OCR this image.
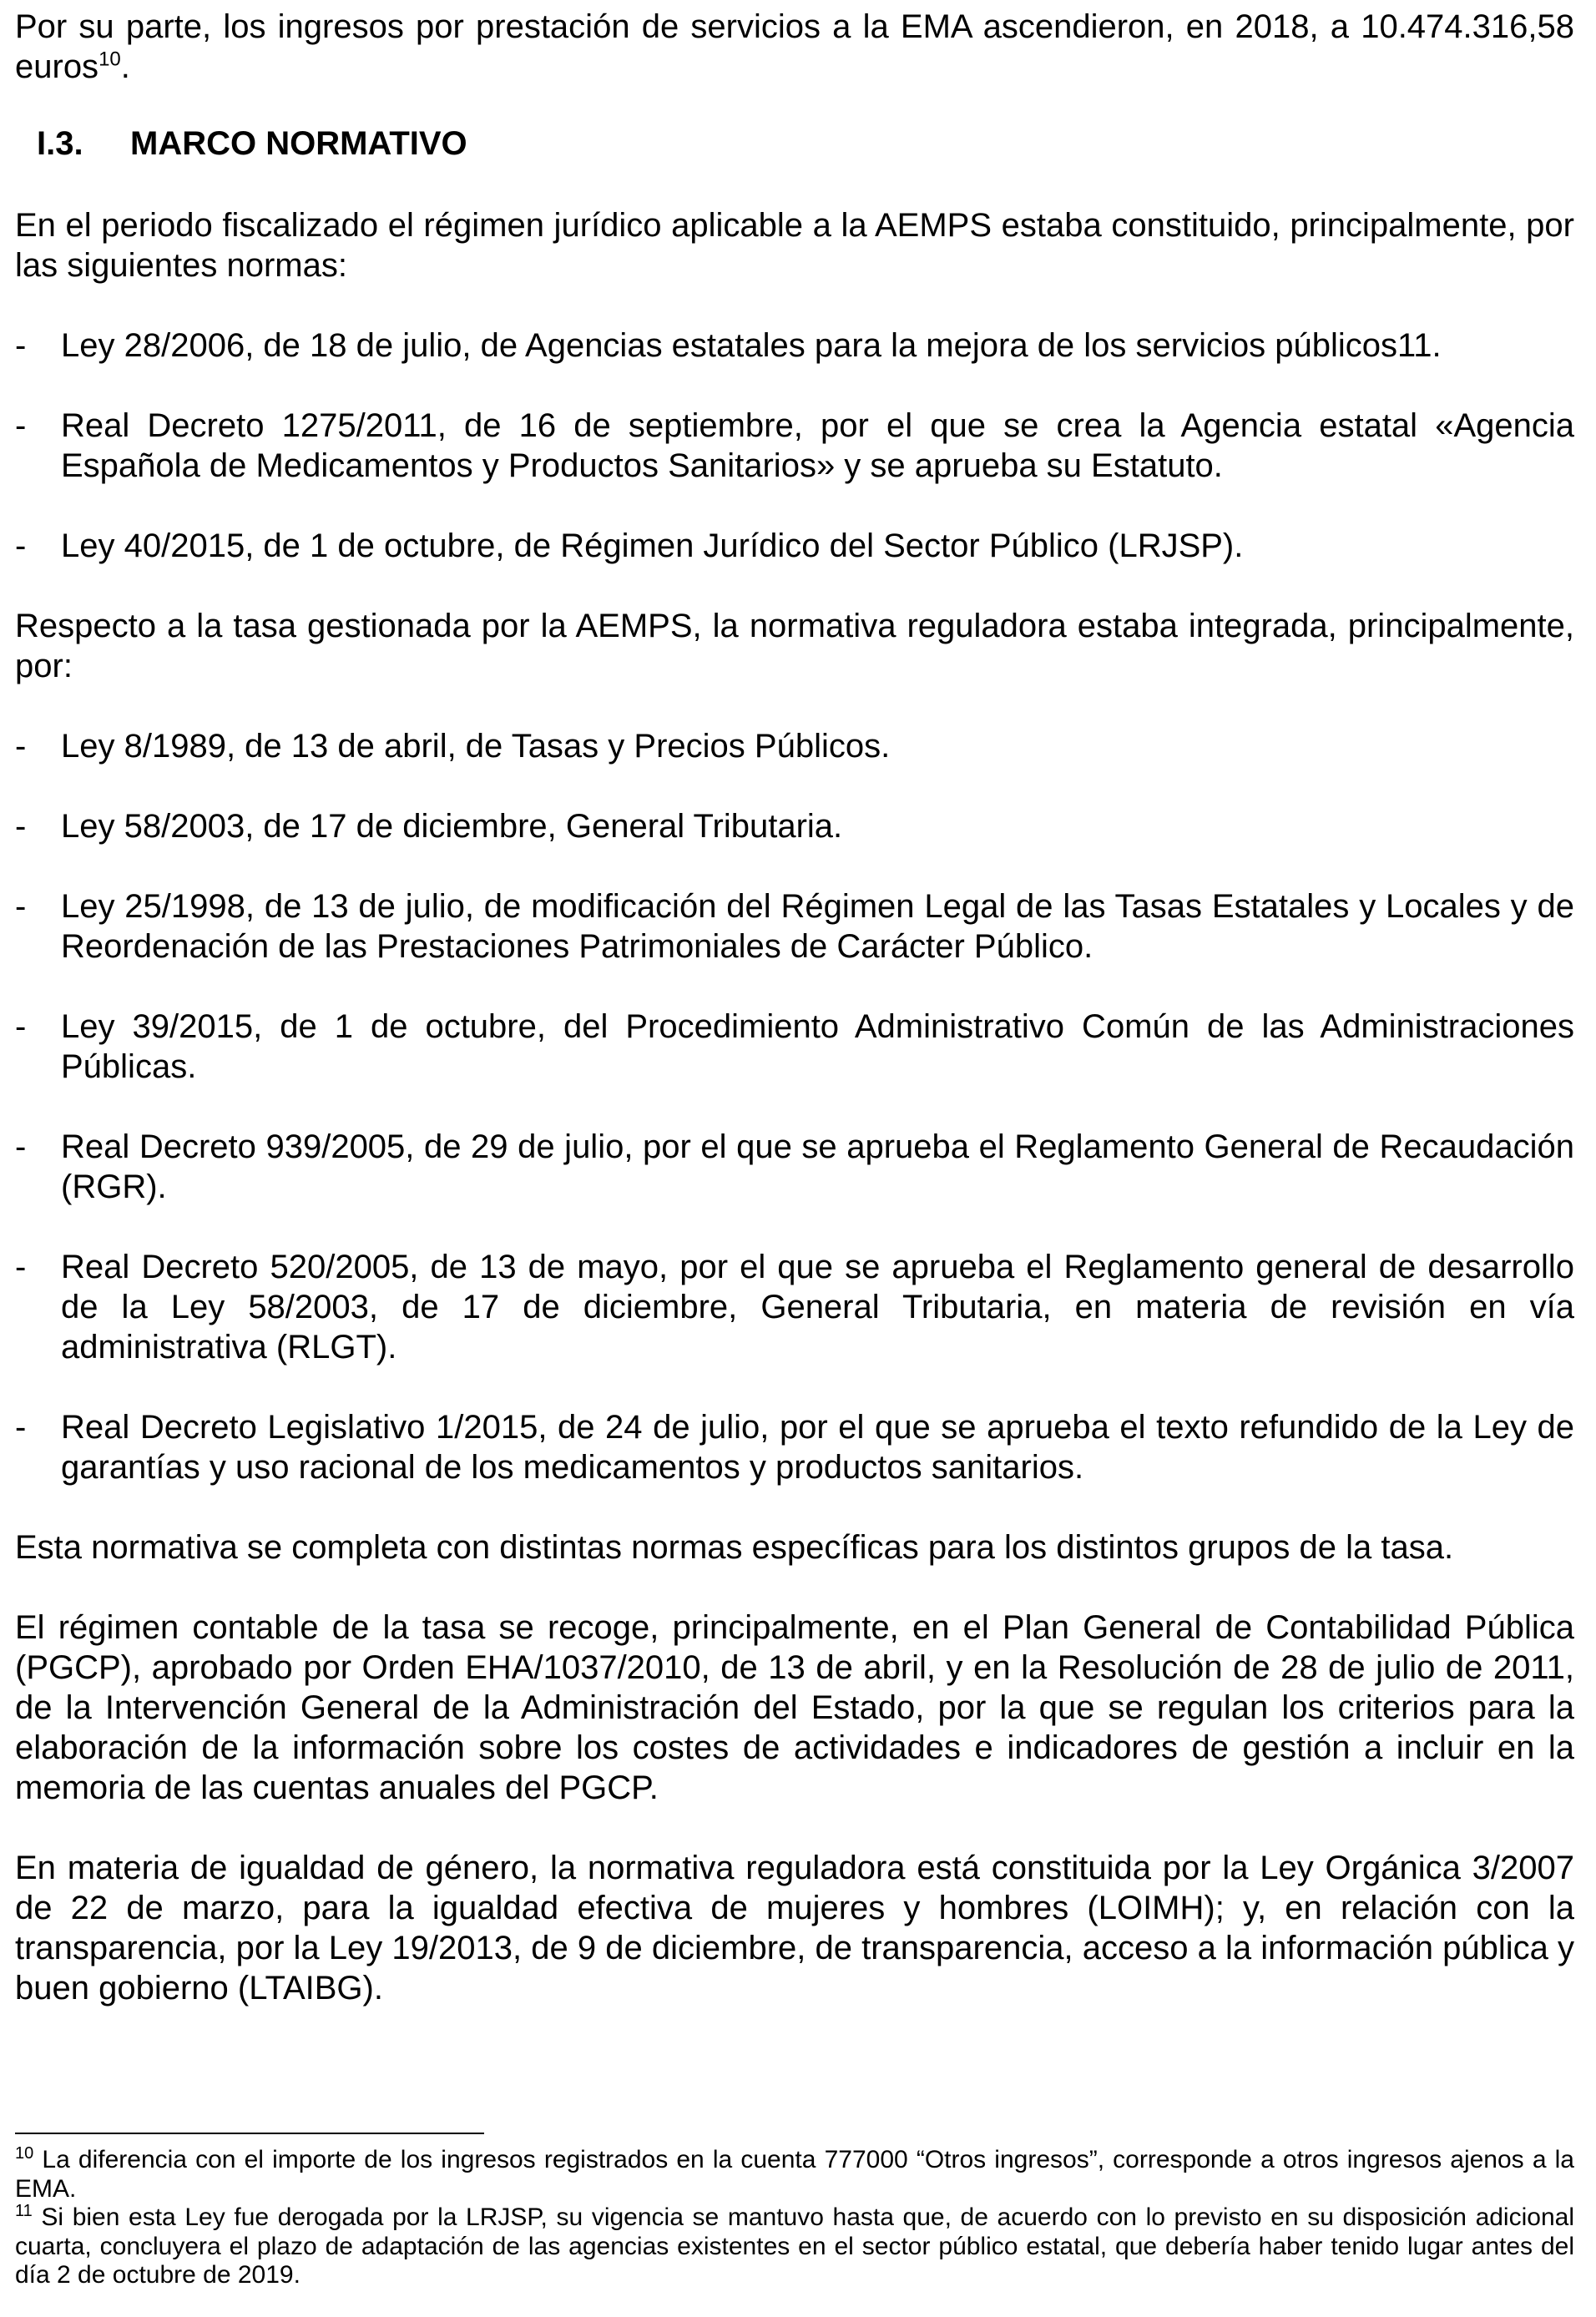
Por su parte, los ingresos por prestación de servicios a la EMA ascendieron, en 2018, a 10.474.316,58 euros$^{10}$.

I.3. MARCO NORMATIVO

En el periodo fiscalizado el régimen jurídico aplicable a la AEMPS estaba constituido, principalmente, por las siguientes normas:

- Ley 28/2006, de 18 de julio, de Agencias estatales para la mejora de los servicios públicos11.
- Real Decreto 1275/2011, de 16 de septiembre, por el que se crea la Agencia estatal «Agencia Española de Medicamentos y Productos Sanitarios» y se aprueba su Estatuto.
- Ley 40/2015, de 1 de octubre, de Régimen Jurídico del Sector Público (LRJSP).

Respecto a la tasa gestionada por la AEMPS, la normativa reguladora estaba integrada, principalmente, por:

- Ley 8/1989, de 13 de abril, de Tasas y Precios Públicos.
- Ley 58/2003, de 17 de diciembre, General Tributaria.
- Ley 25/1998, de 13 de julio, de modificación del Régimen Legal de las Tasas Estatales y Locales y de Reordenación de las Prestaciones Patrimoniales de Carácter Público.
- Ley 39/2015, de 1 de octubre, del Procedimiento Administrativo Común de las Administraciones Públicas.
- Real Decreto 939/2005, de 29 de julio, por el que se aprueba el Reglamento General de Recaudación (RGR).
- Real Decreto 520/2005, de 13 de mayo, por el que se aprueba el Reglamento general de desarrollo de la Ley 58/2003, de 17 de diciembre, General Tributaria, en materia de revisión en vía administrativa (RLGT).
- Real Decreto Legislativo 1/2015, de 24 de julio, por el que se aprueba el texto refundido de la Ley de garantías y uso racional de los medicamentos y productos sanitarios.

Esta normativa se completa con distintas normas específicas para los distintos grupos de la tasa.

El régimen contable de la tasa se recoge, principalmente, en el Plan General de Contabilidad Pública (PGCP), aprobado por Orden EHA/1037/2010, de 13 de abril, y en la Resolución de 28 de julio de 2011, de la Intervención General de la Administración del Estado, por la que se regulan los criterios para la elaboración de la información sobre los costes de actividades e indicadores de gestión a incluir en la memoria de las cuentas anuales del PGCP.

En materia de igualdad de género, la normativa reguladora está constituida por la Ley Orgánica 3/2007 de 22 de marzo, para la igualdad efectiva de mujeres y hombres (LOIMH); y, en relación con la transparencia, por la Ley 19/2013, de 9 de diciembre, de transparencia, acceso a la información pública y buen gobierno (LTAIBG).

$^{10}$ La diferencia con el importe de los ingresos registrados en la cuenta 777000 “Otros ingresos”, corresponde a otros ingresos ajenos a la EMA.

$^{11}$ Si bien esta Ley fue derogada por la LRJSP, su vigencia se mantuvo hasta que, de acuerdo con lo previsto en su disposición adicional cuarta, concluyera el plazo de adaptación de las agencias existentes en el sector público estatal, que debería haber tenido lugar antes del día 2 de octubre de 2019.
